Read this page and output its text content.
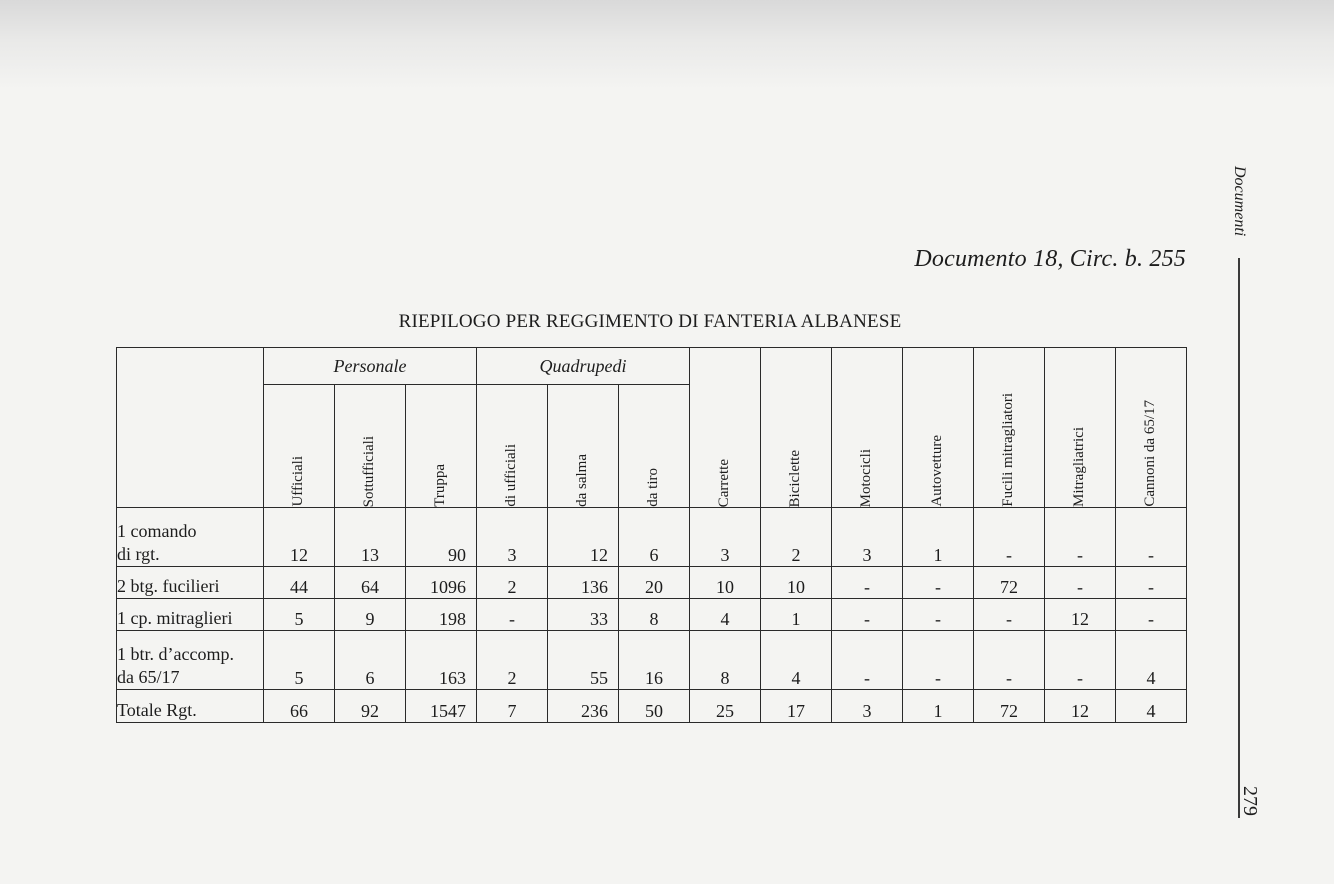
Documento 18, Circ. b. 255
RIEPILOGO PER REGGIMENTO DI FANTERIA ALBANESE
Documenti
279
	Personale			Quadrupedi			Carrette	Biciclette	Motocicli	Autovetture	Fucili mitragliatori	Mitragliatrici	Cannoni da 65/17

	Ufficiali	Sottufficiali	Truppa	di ufficiali	da salma	da tiro							

1 comando
di rgt.	12	13	90	3	12	6	3	2	3	1	-	-	-

2 btg. fucilieri	44	64	1096	2	136	20	10	10	-	-	72	-	-

1 cp. mitraglieri	5	9	198	-	33	8	4	1	-	-	-	12	-

1 btr. d’accomp.
da 65/17	5	6	163	2	55	16	8	4	-	-	-	-	4

Totale Rgt.	66	92	1547	7	236	50	25	17	3	1	72	12	4
